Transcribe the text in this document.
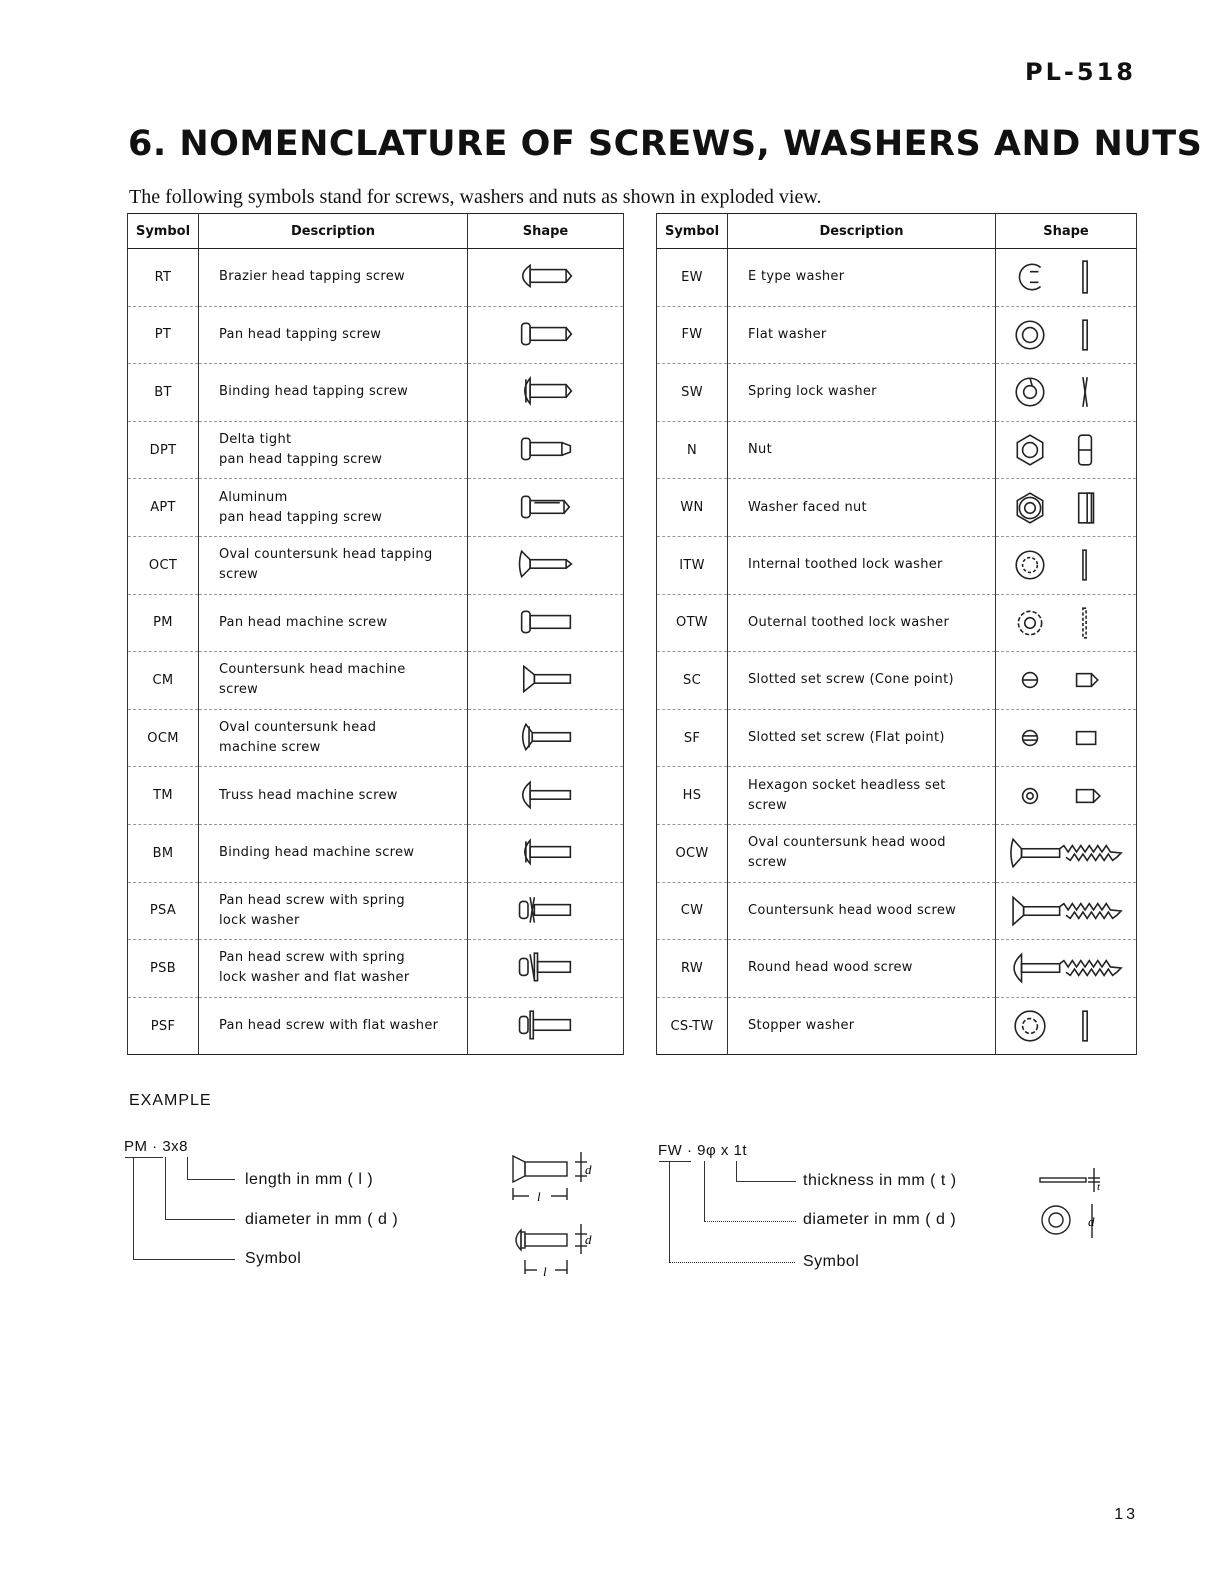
PL-518
6. NOMENCLATURE OF SCREWS, WASHERS AND NUTS
The following symbols stand for screws, washers and nuts as shown in exploded view.
Symbol	Description	Shape
RT	Brazier head tapping screw

PT	Pan head tapping screw

BT	Binding head tapping screw

DPT	Delta tight
pan head tapping screw

APT	Aluminum
pan head tapping screw

OCT	Oval countersunk head tapping
screw

PM	Pan head machine screw

CM	Countersunk head machine
screw

OCM	Oval countersunk head
machine screw

TM	Truss head machine screw

BM	Binding head machine screw

PSA	Pan head screw with spring
lock washer

PSB	Pan head screw with spring
lock washer and flat washer

PSF	Pan head screw with flat washer

Symbol	Description	Shape
EW	E type washer

FW	Flat washer

SW	Spring lock washer

N	Nut

WN	Washer faced nut

ITW	Internal toothed lock washer

OTW	Outernal toothed lock washer

SC	Slotted set screw (Cone point)

SF	Slotted set screw (Flat point)

HS	Hexagon socket headless set
screw

OCW	Oval countersunk head wood
screw

CW	Countersunk head wood screw

RW	Round head wood screw

CS-TW	Stopper washer

EXAMPLE
PM · 3x8
length in mm ( l )
diameter in mm ( d )
Symbol
d
l
d
l
FW · 9φ x 1t
thickness in mm ( t )
diameter in mm ( d )
Symbol
t
d
13
